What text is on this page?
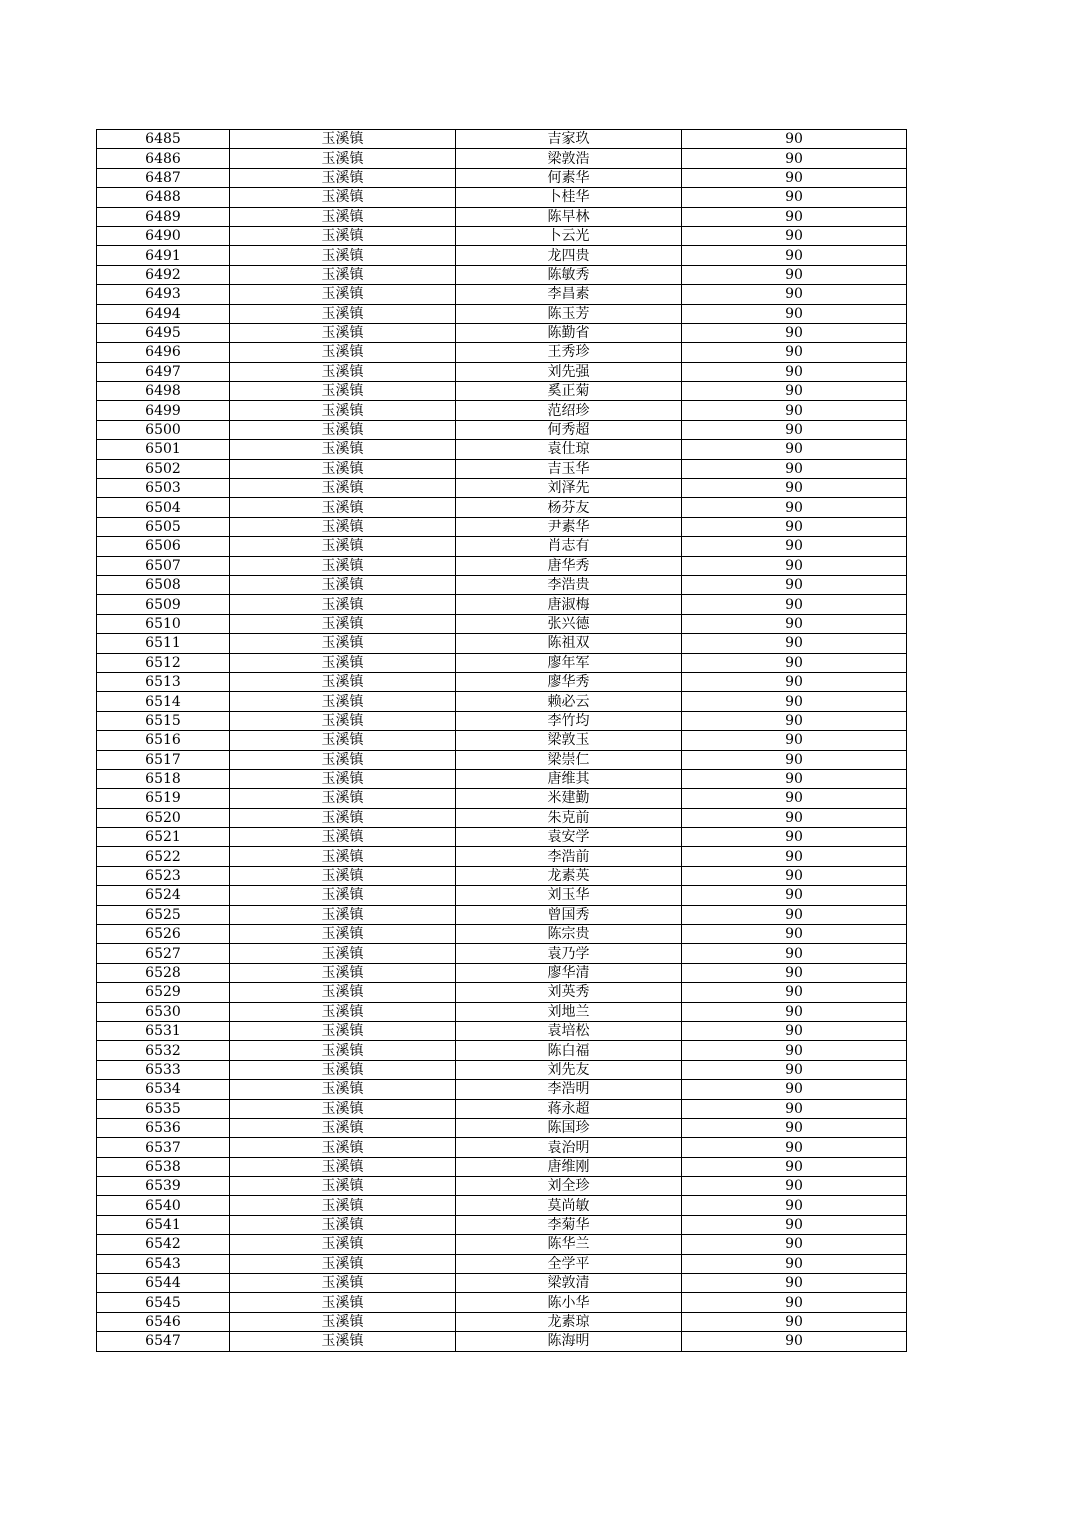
6485	玉溪镇	吉家玖	90
6486	玉溪镇	梁敦浩	90
6487	玉溪镇	何素华	90
6488	玉溪镇	卜桂华	90
6489	玉溪镇	陈早林	90
6490	玉溪镇	卜云光	90
6491	玉溪镇	龙四贵	90
6492	玉溪镇	陈敏秀	90
6493	玉溪镇	李昌素	90
6494	玉溪镇	陈玉芳	90
6495	玉溪镇	陈勤省	90
6496	玉溪镇	王秀珍	90
6497	玉溪镇	刘先强	90
6498	玉溪镇	奚正菊	90
6499	玉溪镇	范绍珍	90
6500	玉溪镇	何秀超	90
6501	玉溪镇	袁仕琼	90
6502	玉溪镇	吉玉华	90
6503	玉溪镇	刘泽先	90
6504	玉溪镇	杨芬友	90
6505	玉溪镇	尹素华	90
6506	玉溪镇	肖志有	90
6507	玉溪镇	唐华秀	90
6508	玉溪镇	李浩贵	90
6509	玉溪镇	唐淑梅	90
6510	玉溪镇	张兴德	90
6511	玉溪镇	陈祖双	90
6512	玉溪镇	廖年军	90
6513	玉溪镇	廖华秀	90
6514	玉溪镇	赖必云	90
6515	玉溪镇	李竹均	90
6516	玉溪镇	梁敦玉	90
6517	玉溪镇	梁崇仁	90
6518	玉溪镇	唐维其	90
6519	玉溪镇	米建勤	90
6520	玉溪镇	朱克前	90
6521	玉溪镇	袁安学	90
6522	玉溪镇	李浩前	90
6523	玉溪镇	龙素英	90
6524	玉溪镇	刘玉华	90
6525	玉溪镇	曾国秀	90
6526	玉溪镇	陈宗贵	90
6527	玉溪镇	袁乃学	90
6528	玉溪镇	廖华清	90
6529	玉溪镇	刘英秀	90
6530	玉溪镇	刘地兰	90
6531	玉溪镇	袁培松	90
6532	玉溪镇	陈白福	90
6533	玉溪镇	刘先友	90
6534	玉溪镇	李浩明	90
6535	玉溪镇	蒋永超	90
6536	玉溪镇	陈国珍	90
6537	玉溪镇	袁治明	90
6538	玉溪镇	唐维刚	90
6539	玉溪镇	刘全珍	90
6540	玉溪镇	莫尚敏	90
6541	玉溪镇	李菊华	90
6542	玉溪镇	陈华兰	90
6543	玉溪镇	全学平	90
6544	玉溪镇	梁敦清	90
6545	玉溪镇	陈小华	90
6546	玉溪镇	龙素琼	90
6547	玉溪镇	陈海明	90
